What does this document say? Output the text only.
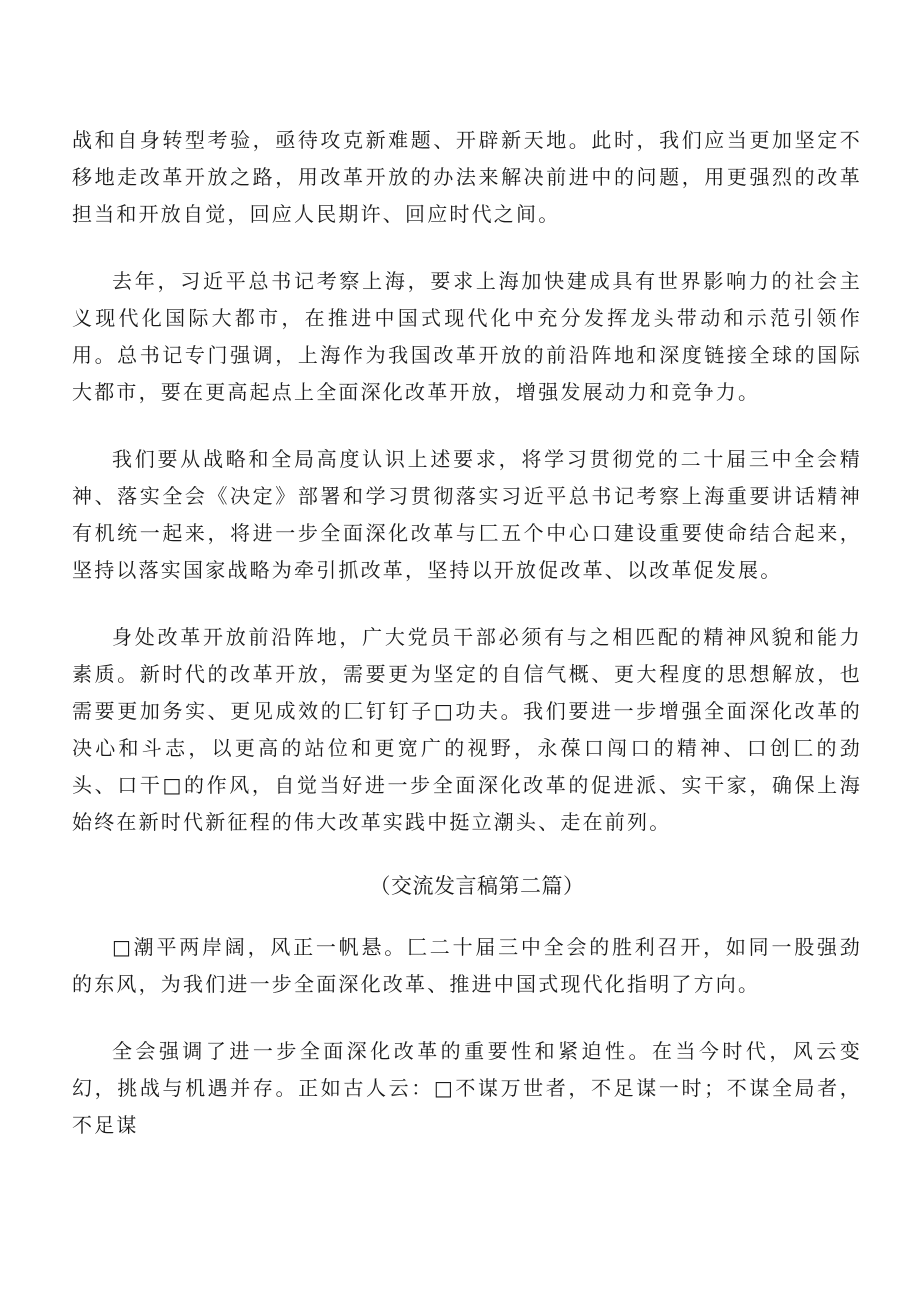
战和自身转型考验，亟待攻克新难题、开辟新天地。此时，我们应当更加坚定不移地走改革开放之路，用改革开放的办法来解决前进中的问题，用更强烈的改革担当和开放自觉，回应人民期许、回应时代之间。

去年，习近平总书记考察上海，要求上海加快建成具有世界影响力的社会主义现代化国际大都市，在推进中国式现代化中充分发挥龙头带动和示范引领作用。总书记专门强调，上海作为我国改革开放的前沿阵地和深度链接全球的国际大都市，要在更高起点上全面深化改革开放，增强发展动力和竞争力。

我们要从战略和全局高度认识上述要求，将学习贯彻党的二十届三中全会精神、落实全会《决定》部署和学习贯彻落实习近平总书记考察上海重要讲话精神有机统一起来，将进一步全面深化改革与匚五个中心口建设重要使命结合起来，坚持以落实国家战略为牵引抓改革，坚持以开放促改革、以改革促发展。

身处改革开放前沿阵地，广大党员干部必须有与之相匹配的精神风貌和能力素质。新时代的改革开放，需要更为坚定的自信气概、更大程度的思想解放，也需要更加务实、更见成效的匚钉钉子□功夫。我们要进一步增强全面深化改革的决心和斗志，以更高的站位和更宽广的视野，永葆口闯口的精神、口创匚的劲头、口干□的作风，自觉当好进一步全面深化改革的促进派、实干家，确保上海始终在新时代新征程的伟大改革实践中挺立潮头、走在前列。

（交流发言稿第二篇）

□潮平两岸阔，风正一帆悬。匚二十届三中全会的胜利召开，如同一股强劲的东风，为我们进一步全面深化改革、推进中国式现代化指明了方向。

全会强调了进一步全面深化改革的重要性和紧迫性。在当今时代，风云变幻，挑战与机遇并存。正如古人云：□不谋万世者，不足谋一时；不谋全局者，不足谋
